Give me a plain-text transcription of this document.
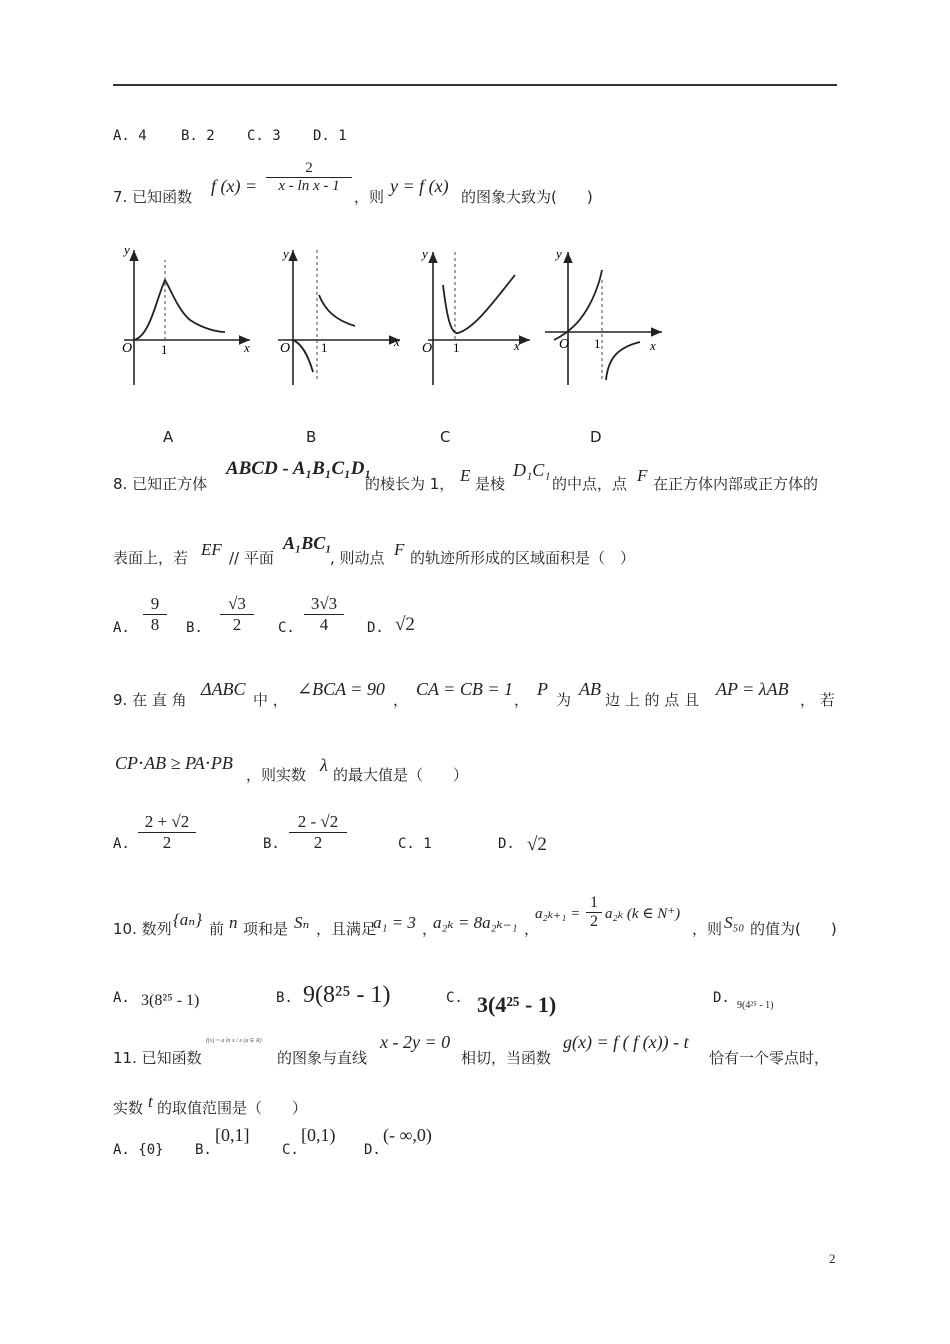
A. 4 B. 2 C. 3 D. 1
7. 已知函数
f $(x) = \frac{2}{\text{x - ln x - 1}}$
，则
y = f (x)
的图象大致为(　　)
y
x
O 1
y
x
O 1
y
x
O 1
y
x
O 1
A	B	C	D
8. 已知正方体
ABCD - A₁B₁C₁D₁
的棱长为 1， E 是棱
D₁C₁
的中点，点 F 在正方体内部或正方体的
表面上，若 EF // 平面
A₁BC₁
, 则动点 F 的轨迹所形成的区域面积是（　）
A. $\frac{9}{8} B$. $\frac{√3}{2} C$. $\frac{3√3}{4} D$. √2
9. 在 直 角
ΔABC
中 ，
∠BCA = 90
，
CA = CB = 1
，
P
为
AB
边 上 的 点 且
AP = λAB
， 若
CP⋅AB ≥ PA⋅PB
，则实数 λ 的最大值是（　　）
A. $\frac{2 + √2}{2}$	B. $\frac{2 - √2}{2}$	C. 1	D. √2
10. 数列 {aₙ} 前 n 项和是 Sₙ ，且满足
a₁ = 3 ，
a₂ₖ = 8a₂ₖ₋₁ ，
$a_{2k+1} = \frac{1}{2} a_{2k}$ (k ∈ N⁺)
，则 S₅₀ 的值为(　　)
A. 3(8²⁵ - 1)	B. 9(8²⁵ - 1)	C. 3(4²⁵ - 1)	D. 9(4²⁵ - 1)
11. 已知函数
f(x) = a ln x / x (a ∈ R)
的图象与直线
x - 2y = 0
相切，当函数
g(x) = f ( f (x)) - t
恰有一个零点时，
实数 t 的取值范围是（　　）
A. {0} B.
[0,1]
C.
[0,1)
D.
(- ∞,0)
2
